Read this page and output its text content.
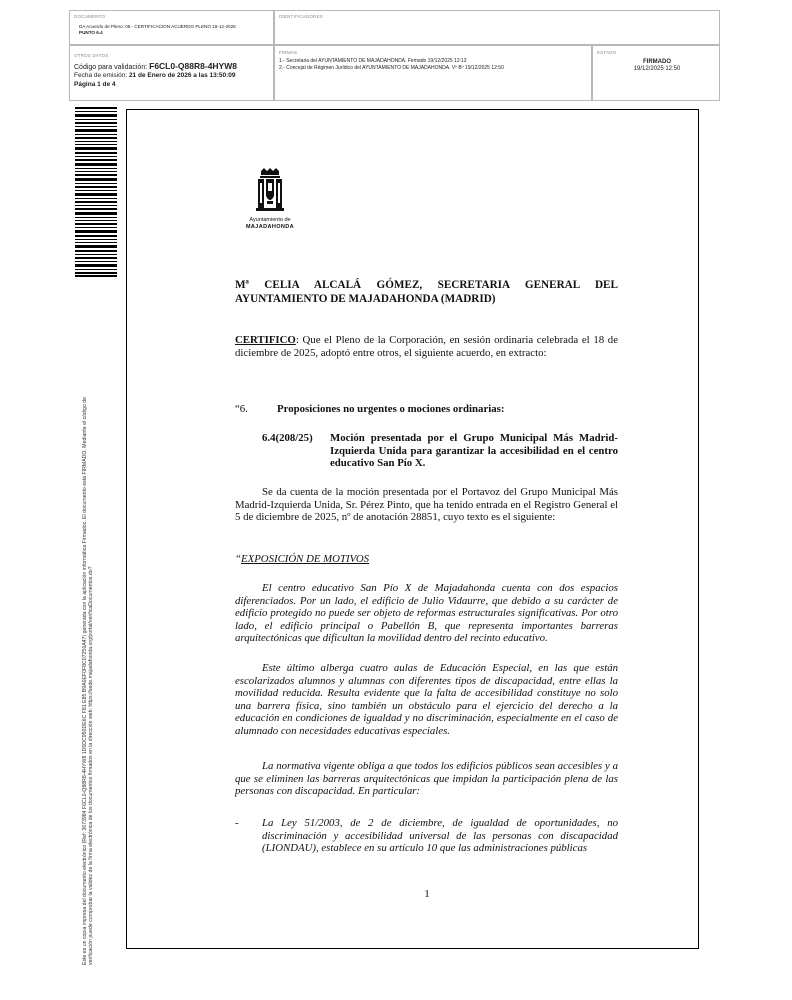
DOCUMENTO
DA Acuerdo de Pleno: 06.- CERTIFICACION ACUERDO PLENO 18-12-2025
PUNTO 6.4
IDENTIFICADORES
OTROS DATOS
Código para validación: F6CL0-Q88R8-4HYW8
Fecha de emisión: 21 de Enero de 2026 a las 13:50:09
Página 1 de 4
FIRMAS
1.- Secretaria del AYUNTAMIENTO DE MAJADAHONDA. Firmado 19/12/2025 12:12
2.- Concejal de Régimen Jurídico del AYUNTAMIENTO DE MAJADAHONDA. Vº Bº 19/12/2025 12:50
ESTADO
FIRMADO
19/12/2025 12:50
Este es un copia impresa del documento electrónico (Ref: 3673984 F6CL0-Q88R8-4HYW8 1D5DC950DE6C F81 E85 B9A0EF0F8C07256A47) generada con la aplicación informática Firmadoc. El documento está FIRMADO. Mediante el código de verificación puede comprobar la validez de la firma electrónica de los documentos firmados en la dirección web: https://sede.majadahonda.org/portal/verificaDocumentos.do?
Ayuntamiento de
MAJADAHONDA
Mª CELIA ALCALÁ GÓMEZ, SECRETARIA GENERAL DEL AYUNTAMIENTO DE MAJADAHONDA (MADRID)
CERTIFICO: Que el Pleno de la Corporación, en sesión ordinaria celebrada el 18 de diciembre de 2025, adoptó entre otros, el siguiente acuerdo, en extracto:
“6.	Proposiciones no urgentes o mociones ordinarias:
6.4(208/25)	Moción presentada por el Grupo Municipal Más Madrid-Izquierda Unida para garantizar la accesibilidad en el centro educativo San Pío X.
Se da cuenta de la moción presentada por el Portavoz del Grupo Municipal Más Madrid-Izquierda Unida, Sr. Pérez Pinto, que ha tenido entrada en el Registro General el 5 de diciembre de 2025, nº de anotación 28851, cuyo texto es el siguiente:
“EXPOSICIÓN DE MOTIVOS
El centro educativo San Pío X de Majadahonda cuenta con dos espacios diferenciados. Por un lado, el edificio de Julio Vidaurre, que debido a su carácter de edificio protegido no puede ser objeto de reformas estructurales significativas. Por otro lado, el edificio principal o Pabellón B, que representa importantes barreras arquitectónicas que dificultan la movilidad dentro del recinto educativo.
Este último alberga cuatro aulas de Educación Especial, en las que están escolarizados alumnos y alumnas con diferentes tipos de discapacidad, entre ellas la movilidad reducida. Resulta evidente que la falta de accesibilidad constituye no solo una barrera física, sino también un obstáculo para el ejercicio del derecho a la educación en condiciones de igualdad y no discriminación, especialmente en el caso de alumnado con necesidades educativas especiales.
La normativa vigente obliga a que todos los edificios públicos sean accesibles y a que se eliminen las barreras arquitectónicas que impidan la participación plena de las personas con discapacidad. En particular:
-	La Ley 51/2003, de 2 de diciembre, de igualdad de oportunidades, no discriminación y accesibilidad universal de las personas con discapacidad (LIONDAU), establece en su artículo 10 que las administraciones públicas
1
